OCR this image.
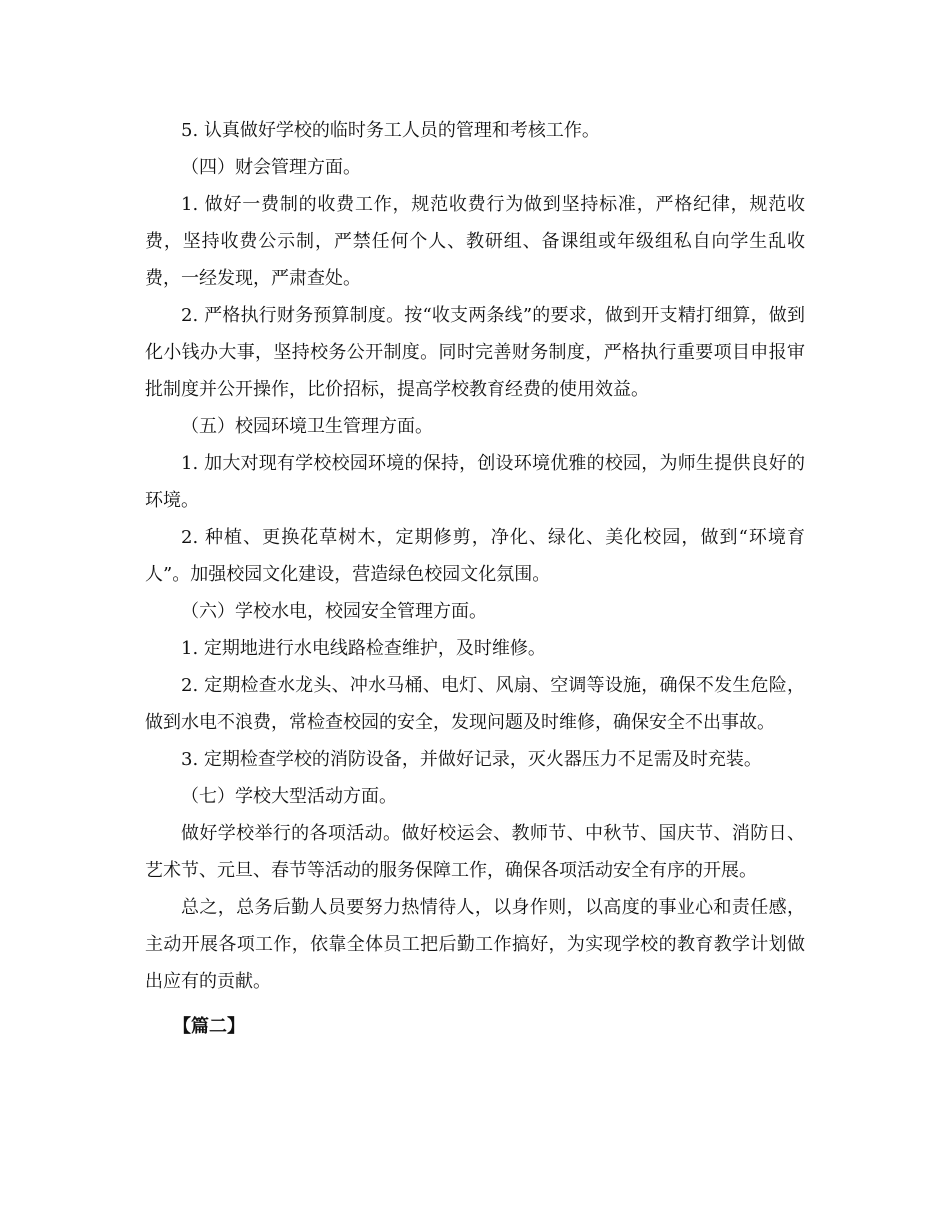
5. 认真做好学校的临时务工人员的管理和考核工作。

（四）财会管理方面。

1. 做好一费制的收费工作，规范收费行为做到坚持标准，严格纪律，规范收费，坚持收费公示制，严禁任何个人、教研组、备课组或年级组私自向学生乱收费，一经发现，严肃查处。

2. 严格执行财务预算制度。按“收支两条线”的要求，做到开支精打细算，做到化小钱办大事，坚持校务公开制度。同时完善财务制度，严格执行重要项目申报审批制度并公开操作，比价招标，提高学校教育经费的使用效益。

（五）校园环境卫生管理方面。

1. 加大对现有学校校园环境的保持，创设环境优雅的校园，为师生提供良好的环境。

2. 种植、更换花草树木，定期修剪，净化、绿化、美化校园，做到“环境育人”。加强校园文化建设，营造绿色校园文化氛围。

（六）学校水电，校园安全管理方面。

1. 定期地进行水电线路检查维护，及时维修。

2. 定期检查水龙头、冲水马桶、电灯、风扇、空调等设施，确保不发生危险，做到水电不浪费，常检查校园的安全，发现问题及时维修，确保安全不出事故。

3. 定期检查学校的消防设备，并做好记录，灭火器压力不足需及时充装。

（七）学校大型活动方面。

做好学校举行的各项活动。做好校运会、教师节、中秋节、国庆节、消防日、艺术节、元旦、春节等活动的服务保障工作，确保各项活动安全有序的开展。

总之，总务后勤人员要努力热情待人，以身作则，以高度的事业心和责任感，主动开展各项工作，依靠全体员工把后勤工作搞好，为实现学校的教育教学计划做出应有的贡献。

【篇二】
